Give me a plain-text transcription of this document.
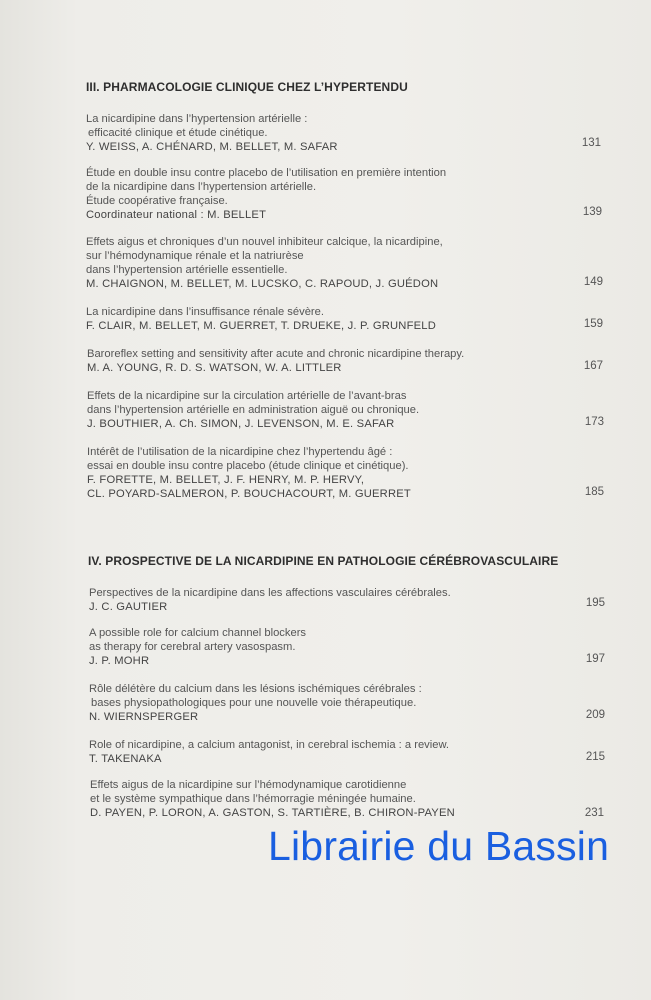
III. PHARMACOLOGIE CLINIQUE CHEZ L’HYPERTENDU
La nicardipine dans l’hypertension artérielle :
efficacité clinique et étude cinétique.
Y. WEISS, A. CHÉNARD, M. BELLET, M. SAFAR	131
Étude en double insu contre placebo de l’utilisation en première intention
de la nicardipine dans l’hypertension artérielle.
Étude coopérative française.
Coordinateur national : M. BELLET	139
Effets aigus et chroniques d’un nouvel inhibiteur calcique, la nicardipine,
sur l’hémodynamique rénale et la natriurèse
dans l’hypertension artérielle essentielle.
M. CHAIGNON, M. BELLET, M. LUCSKO, C. RAPOUD, J. GUÉDON	149
La nicardipine dans l’insuffisance rénale sévère.
F. CLAIR, M. BELLET, M. GUERRET, T. DRUEKE, J. P. GRUNFELD	159
Baroreflex setting and sensitivity after acute and chronic nicardipine therapy.
M. A. YOUNG, R. D. S. WATSON, W. A. LITTLER	167
Effets de la nicardipine sur la circulation artérielle de l’avant-bras
dans l’hypertension artérielle en administration aiguë ou chronique.
J. BOUTHIER, A. Ch. SIMON, J. LEVENSON, M. E. SAFAR	173
Intérêt de l’utilisation de la nicardipine chez l’hypertendu âgé :
essai en double insu contre placebo (étude clinique et cinétique).
F. FORETTE, M. BELLET, J. F. HENRY, M. P. HERVY,
CL. POYARD-SALMERON, P. BOUCHACOURT, M. GUERRET	185
IV. PROSPECTIVE DE LA NICARDIPINE EN PATHOLOGIE CÉRÉBROVASCULAIRE
Perspectives de la nicardipine dans les affections vasculaires cérébrales.
J. C. GAUTIER	195
A possible role for calcium channel blockers
as therapy for cerebral artery vasospasm.
J. P. MOHR	197
Rôle délétère du calcium dans les lésions ischémiques cérébrales :
bases physiopathologiques pour une nouvelle voie thérapeutique.
N. WIERNSPERGER	209
Role of nicardipine, a calcium antagonist, in cerebral ischemia : a review.
T. TAKENAKA	215
Effets aigus de la nicardipine sur l’hémodynamique carotidienne
et le système sympathique dans l’hémorragie méningée humaine.
D. PAYEN, P. LORON, A. GASTON, S. TARTIÈRE, B. CHIRON-PAYEN	231
Librairie du Bassin
